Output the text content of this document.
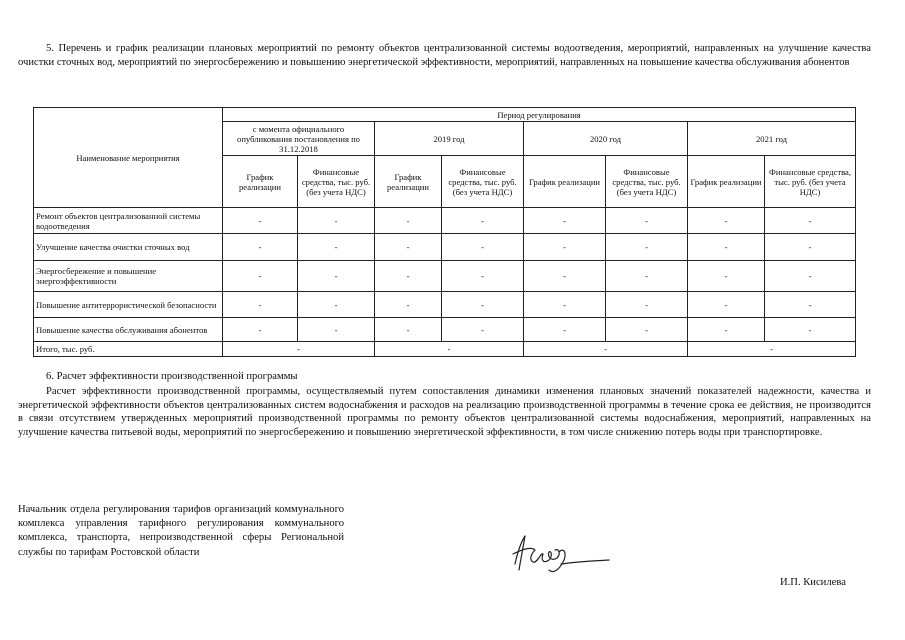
5. Перечень и график реализации плановых мероприятий по ремонту объектов централизованной системы водоотведения, мероприятий, направленных на улучшение качества очистки сточных вод, мероприятий по энергосбережению и повышению энергетической эффективности, мероприятий, направленных на повышение качества обслуживания абонентов
Наименование мероприятия	Период регулирования							
	с момента официального опубликования постановления по 31.12.2018		2019 год		2020 год		2021 год	
	График реализации	Финансовые средства, тыс. руб. (без учета НДС)	График реализации	Финансовые средства, тыс. руб. (без учета НДС)	График реализации	Финансовые средства, тыс. руб. (без учета НДС)	График реализации	Финансовые средства, тыс. руб. (без учета НДС)
Ремонт объектов централизованной системы водоотведения	-	-	-	-	-	-	-	-
Улучшение качества очистки сточных вод	-	-	-	-	-	-	-	-
Энергосбережение и повышение энергоэффективности	-	-	-	-	-	-	-	-
Повышение антитеррористической безопасности	-	-	-	-	-	-	-	-
Повышение качества обслуживания абонентов	-	-	-	-	-	-	-	-
Итого, тыс. руб.	-		-		-		-	
6. Расчет эффективности производственной программы
Расчет эффективности производственной программы, осуществляемый путем сопоставления динамики изменения плановых значений показателей надежности, качества и энергетической эффективности объектов централизованных систем водоснабжения и расходов на реализацию производственной программы в течение срока ее действия, не производится в связи отсутствием утвержденных мероприятий производственной программы по ремонту объектов централизованной системы водоснабжения, мероприятий, направленных на улучшение качества питьевой воды, мероприятий по энергосбережению и повышению энергетической эффективности, в том числе снижению потерь воды при транспортировке.
Начальник отдела регулирования тарифов организаций коммунального комплекса управления тарифного регулирования коммунального комплекса, транспорта, непроизводственной сферы Региональной службы по тарифам Ростовской области
И.П. Кисилева
